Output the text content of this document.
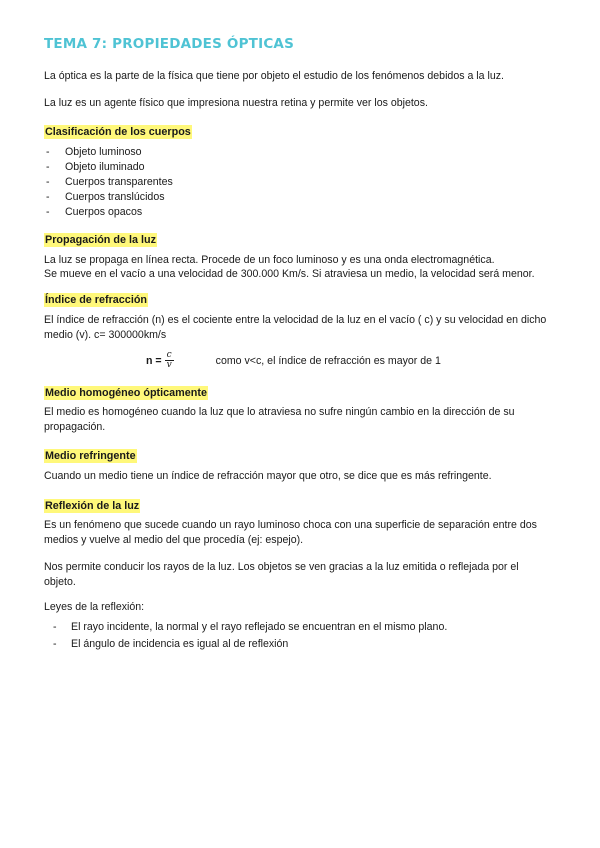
TEMA 7: PROPIEDADES ÓPTICAS

La óptica es la parte de la física que tiene por objeto el estudio de los fenómenos debidos a la luz.

La luz es un agente físico que impresiona nuestra retina y permite ver los objetos.

Clasificación de los cuerpos
- Objeto luminoso
- Objeto iluminado
- Cuerpos transparentes
- Cuerpos translúcidos
- Cuerpos opacos
Propagación de la luz

La luz se propaga en línea recta. Procede de un foco luminoso y es una onda electromagnética.

Se mueve en el vacío a una velocidad de 300.000 Km/s. Si atraviesa un medio, la velocidad será menor.

Índice de refracción

El índice de refracción (n) es el cociente entre la velocidad de la luz en el vacío ( c) y su velocidad en dicho medio (v). c= 300000km/s

$n = \frac{c}{v}$	como v<c, el índice de refracción es mayor de 1
Medio homogéneo ópticamente

El medio es homogéneo cuando la luz que lo atraviesa no sufre ningún cambio en la dirección de su propagación.

Medio refringente

Cuando un medio tiene un índice de refracción mayor que otro, se dice que es más refringente.

Reflexión de la luz

Es un fenómeno que sucede cuando un rayo luminoso choca con una superficie de separación entre dos medios y vuelve al medio del que procedía (ej: espejo).

Nos permite conducir los rayos de la luz. Los objetos se ven gracias a la luz emitida o reflejada por el objeto.

Leyes de la reflexión:

- El rayo incidente, la normal y el rayo reflejado se encuentran en el mismo plano.
- El ángulo de incidencia es igual al de reflexión
